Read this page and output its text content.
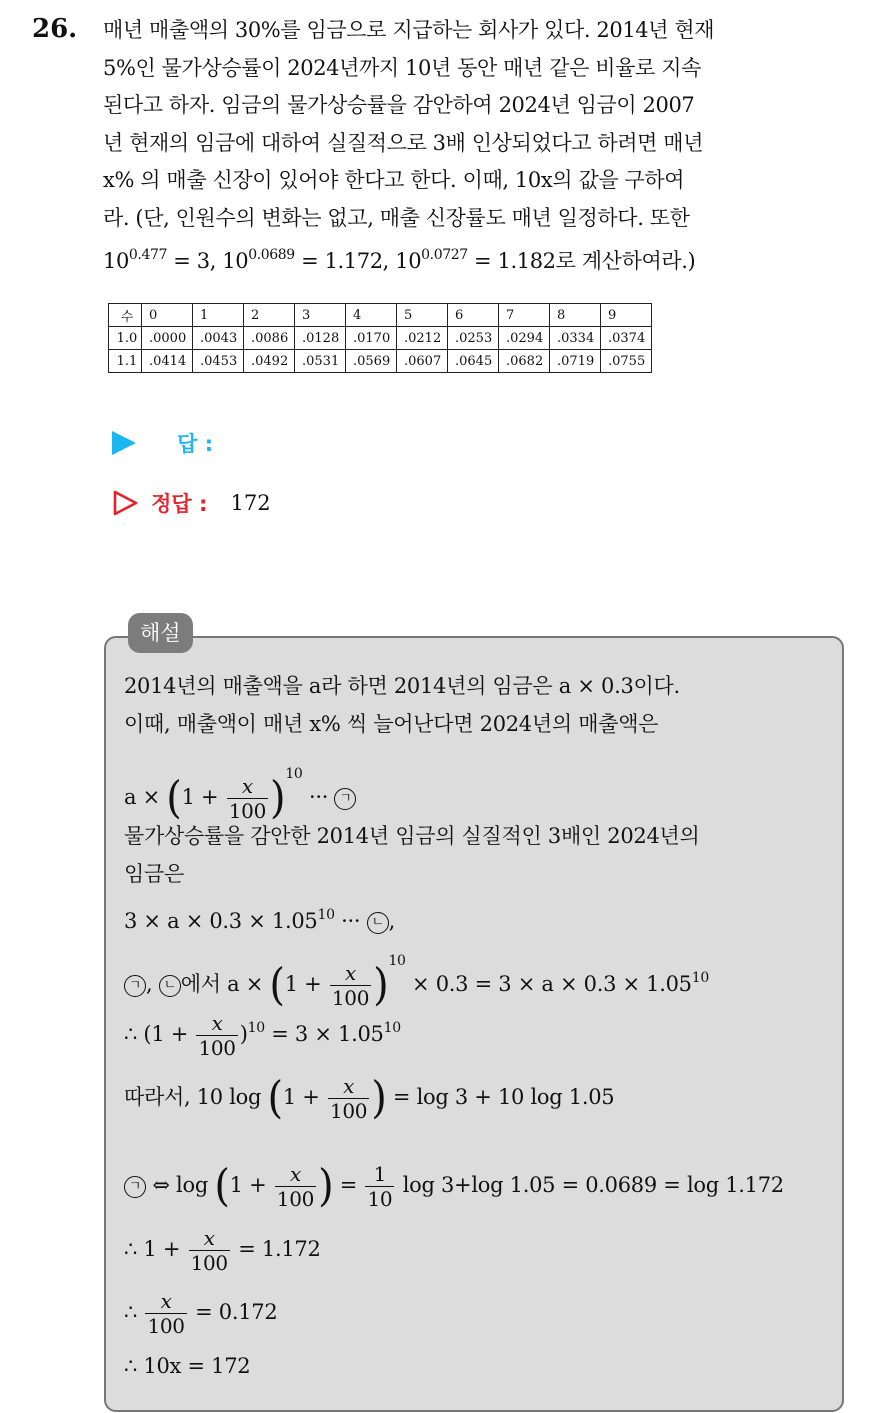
26. 매년 매출액의 30%를 임금으로 지급하는 회사가 있다. 2014년 현재

5%인 물가상승률이 2024년까지 10년 동안 매년 같은 비율로 지속

된다고 하자. 임금의 물가상승률을 감안하여 2024년 임금이 2007

년 현재의 임금에 대하여 실질적으로 3배 인상되었다고 하려면 매년

x% 의 매출 신장이 있어야 한다고 한다. 이때, 10x의 값을 구하여

라. (단, 인원수의 변화는 없고, 매출 신장률도 매년 일정하다. 또한

$10^{0.477} = 3$, $10^{0.0689} = 1.172$, $10^{0.0727} = 1.182$로 계산하여라.)

수	0	1	2	3	4	5	6	7	8	9
1.0	.0000	.0043	.0086	.0128	.0170	.0212	.0253	.0294	.0334	.0374
1.1	.0414	.0453	.0492	.0531	.0569	.0607	.0645	.0682	.0719	.0755
답 :
정답 : 172
해설
2014년의 매출액을 a라 하면 2014년의 임금은 a × 0.3이다.
이때, 매출액이 매년 x% 씩 늘어난다면 2024년의 매출액은
$a \times (1 + \frac{x}{100} )^{10}$ ··· ㄱ
물가상승률을 감안한 2014년 임금의 실질적인 3배인 2024년의
임금은
$3 \times a \times 0.3 \times 1.05^{10}$ ··· ㄴ ,
ㄱ , ㄴ 에서 $a \times (1 + \frac{x}{100} )^{10} \times 0.3 = 3 \times a \times 0.3 \times 1.05^{10}$
∴ $(1 + \frac{x}{100} )^{10} = 3 \times 1.05^{10}$
따라서, 10 $\log (1 + \frac{x}{100}$ ) = log 3 + 10 log 1.05
ㄱ ⇔ $\log (1 + \frac{x}{100}$ ) = $\frac{1}{10}$ log 3+log 1.05 = 0.0689 = log 1.172
∴ $1 + \frac{x}{100} = 1.172$
∴ $\frac{x}{100} = 0.172$
∴ 10x = 172
